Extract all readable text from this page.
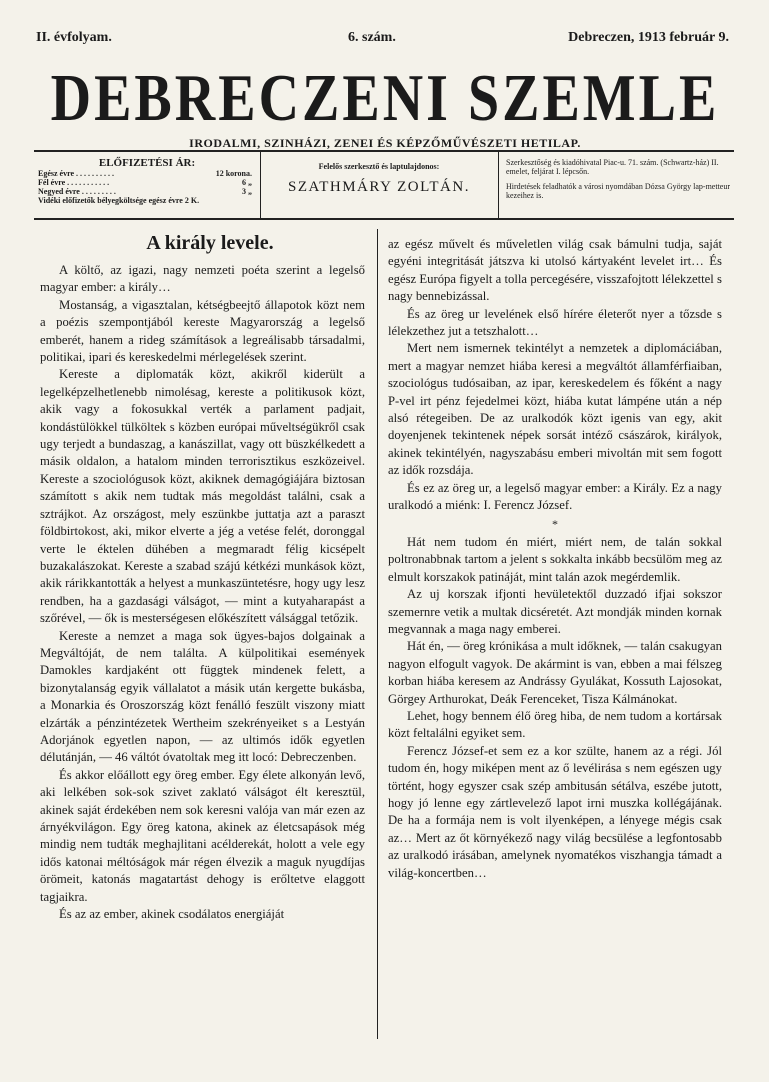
II. évfolyam.	6. szám.	Debreczen, 1913 február 9.
DEBRECZENI SZEMLE
IRODALMI, SZINHÁZI, ZENEI ÉS KÉPZŐMŰVÉSZETI HETILAP.
ELŐFIZETÉSI ÁR:
Egész évre . . . . . . . . . .	12 korona.
Fél évre . . . . . . . . . . .	6 „
Negyed évre . . . . . . . . .	3 „
Vidéki előfizetők bélyegköltsége egész évre 2 K.
Felelős szerkesztő és laptulajdonos:
SZATHMÁRY ZOLTÁN.

Szerkesztőség és kiadóhivatal Piac-u. 71. szám. (Schwartz-ház) II. emelet, feljárat I. lépcsőn.

Hirdetések feladhatók a városi nyomdában Dózsa György lap-metteur kezeihez is.

A király levele.

A költő, az igazi, nagy nemzeti poéta szerint a legelső magyar ember: a király…

Mostanság, a vigasztalan, kétségbeejtő állapotok közt nem a poézis szempontjából kereste Magyarország a legelső emberét, hanem a rideg számítások a legreálisabb társadalmi, politikai, ipari és kereskedelmi mérlegelések szerint.

Kereste a diplomaták közt, akikről kiderült a legelképzelhetlenebb nimolésag, kereste a politikusok közt, akik vagy a fokosukkal verték a parlament padjait, kondástülökkel tülköltek s közben európai műveltségükről csak ugy terjedt a bundaszag, a kanászillat, vagy ott büszkélkedett a másik oldalon, a hatalom minden terrorisztikus eszközeivel. Kereste a szociológusok közt, akiknek demagógiájára biztosan számított s akik nem tudtak más megoldást találni, csak a sztrájkot. Az országost, mely eszünkbe juttatja azt a paraszt földbirtokost, aki, mikor elverte a jég a vetése felét, doronggal verte le éktelen dühében a megmaradt félig kicsépelt buzakalászokat. Kereste a szabad szájú kétkézi munkások közt, akik rárikkantották a helyest a munkaszüntetésre, hogy ugy lesz rendben, ha a gazdasági válságot, — mint a kutyaharapást a szőrével, — ők is mesterségesen előkészített válsággal tetőzik.

Kereste a nemzet a maga sok ügyes-bajos dolgainak a Megváltóját, de nem találta. A külpolitikai események Damokles kardjaként ott függtek mindenek felett, a bizonytalanság egyik vállalatot a másik után kergette bukásba, a Monarkia és Oroszország közt fenálló feszült viszony miatt elzárták a pénzintézetek Wertheim szekrényeiket s a Lestyán Adorjánok egyetlen napon, — az ultimós idők egyetlen délutánján, — 46 váltót óvatoltak meg itt locó: Debreczenben.

És akkor előállott egy öreg ember. Egy élete alkonyán levő, aki lelkében sok-sok szivet zaklató válságot élt keresztül, akinek saját érdekében nem sok keresni valója van már ezen az árnyékvilágon. Egy öreg katona, akinek az életcsapások még mindig nem tudták meghajlitani acélderekát, holott a vele egy idős katonai méltóságok már régen élvezik a maguk nyugdíjas örömeit, katonás magatartást dehogy is erőltetve elaggott tagjaikra.

És az az ember, akinek csodálatos energiáját

az egész művelt és műveletlen világ csak bámulni tudja, saját egyéni integritását játszva ki utolsó kártyaként levelet irt… És egész Európa figyelt a tolla percegésére, visszafojtott lélekzettel s nagy bennebizással.

És az öreg ur levelének első hírére életerőt nyer a tőzsde s lélekzethez jut a tetszhalott…

Mert nem ismernek tekintélyt a nemzetek a diplomáciában, mert a magyar nemzet hiába keresi a megváltót államférfiaiban, szociológus tudósaiban, az ipar, kereskedelem és főként a nagy P-vel irt pénz fejedelmei közt, hiába kutat lámpéne után a nép alsó rétegeiben. De az uralkodók közt igenis van egy, akit doyenjenek tekintenek népek sorsát intéző császárok, királyok, akinek tekintélyén, nagyszabásu emberi mivoltán mit sem fogott az idők rozsdája.

És ez az öreg ur, a legelső magyar ember: a Király. Ez a nagy uralkodó a miénk: I. Ferencz József.

*

Hát nem tudom én miért, miért nem, de talán sokkal poltronabbnak tartom a jelent s sokkalta inkább becsülöm meg az elmult korszakok patináját, mint talán azok megérdemlik.

Az uj korszak ifjonti hevületektől duzzadó ifjai sokszor szemernre vetik a multak dicséretét. Azt mondják minden kornak megvannak a maga nagy emberei.

Hát én, — öreg krónikása a mult időknek, — talán csakugyan nagyon elfogult vagyok. De akármint is van, ebben a mai félszeg korban hiába keresem az Andrássy Gyulákat, Kossuth Lajosokat, Görgey Arthurokat, Deák Ferenceket, Tisza Kálmánokat.

Lehet, hogy bennem élő öreg hiba, de nem tudom a kortársak közt feltalálni egyiket sem.

Ferencz József-et sem ez a kor szülte, hanem az a régi. Jól tudom én, hogy miképen ment az ő levélirása s nem egészen ugy történt, hogy egyszer csak szép ambitusán sétálva, eszébe jutott, hogy jó lenne egy zártlevelező lapot irni muszka kollégájának. De ha a formája nem is volt ilyenképen, a lényege mégis csak az… Mert az őt környékező nagy világ becsülése a legfontosabb az uralkodó irásában, amelynek nyomatékos viszhangja támadt a világ-koncertben…
